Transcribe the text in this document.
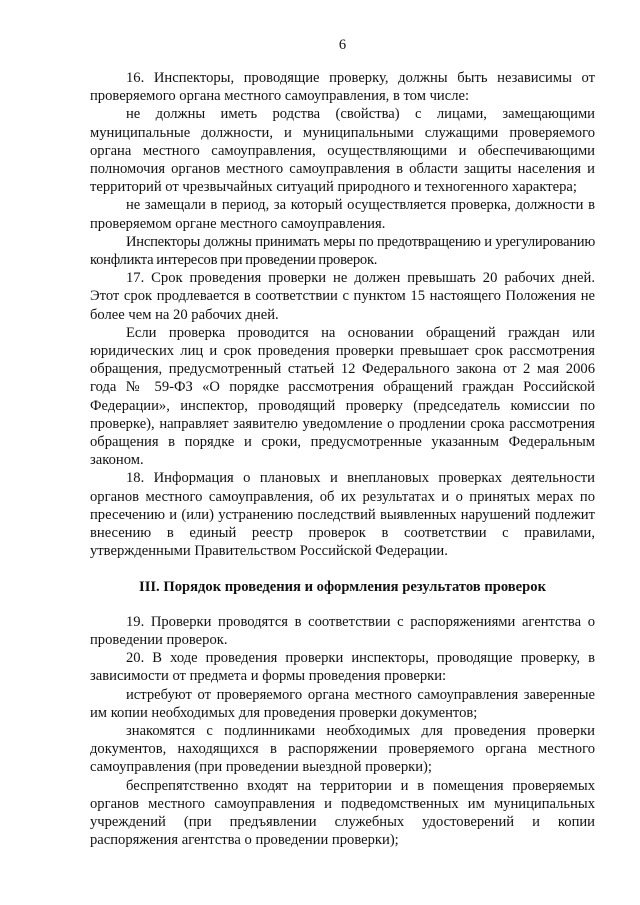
6

16. Инспекторы, проводящие проверку, должны быть независимы от проверяемого органа местного самоуправления, в том числе:

не должны иметь родства (свойства) с лицами, замещающими муниципальные должности, и муниципальными служащими проверяемого органа местного самоуправления, осуществляющими и обеспечивающими полномочия органов местного самоуправления в области защиты населения и территорий от чрезвычайных ситуаций природного и техногенного характера;

не замещали в период, за который осуществляется проверка, должности в проверяемом органе местного самоуправления.

Инспекторы должны принимать меры по предотвращению и урегулированию конфликта интересов при проведении проверок.

17. Срок проведения проверки не должен превышать 20 рабочих дней. Этот срок продлевается в соответствии с пунктом 15 настоящего Положения не более чем на 20 рабочих дней.

Если проверка проводится на основании обращений граждан или юридических лиц и срок проведения проверки превышает срок рассмотрения обращения, предусмотренный статьей 12 Федерального закона от 2 мая 2006 года № 59-ФЗ «О порядке рассмотрения обращений граждан Российской Федерации», инспектор, проводящий проверку (председатель комиссии по проверке), направляет заявителю уведомление о продлении срока рассмотрения обращения в порядке и сроки, предусмотренные указанным Федеральным законом.

18. Информация о плановых и внеплановых проверках деятельности органов местного самоуправления, об их результатах и о принятых мерах по пресечению и (или) устранению последствий выявленных нарушений подлежит внесению в единый реестр проверок в соответствии с правилами, утвержденными Правительством Российской Федерации.

III. Порядок проведения и оформления результатов проверок

19. Проверки проводятся в соответствии с распоряжениями агентства о проведении проверок.

20. В ходе проведения проверки инспекторы, проводящие проверку, в зависимости от предмета и формы проведения проверки:

истребуют от проверяемого органа местного самоуправления заверенные им копии необходимых для проведения проверки документов;

знакомятся с подлинниками необходимых для проведения проверки документов, находящихся в распоряжении проверяемого органа местного самоуправления (при проведении выездной проверки);

беспрепятственно входят на территории и в помещения проверяемых органов местного самоуправления и подведомственных им муниципальных учреждений (при предъявлении служебных удостоверений и копии распоряжения агентства о проведении проверки);
